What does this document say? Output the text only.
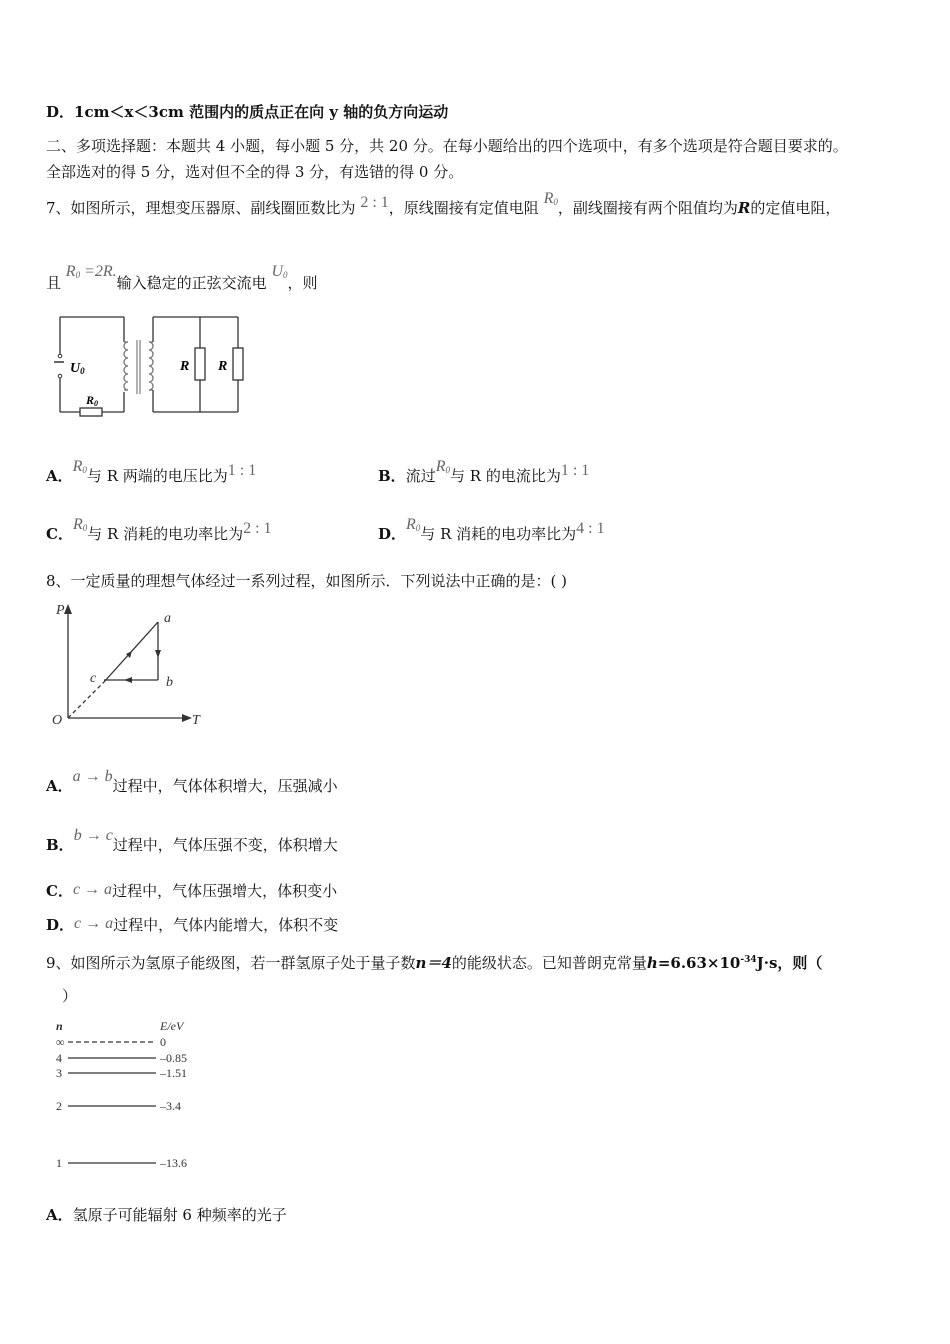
D．1cm＜x＜3cm 范围内的质点正在向 y 轴的负方向运动
二、多项选择题：本题共 4 小题，每小题 5 分，共 20 分。在每小题给出的四个选项中，有多个选项是符合题目要求的。
全部选对的得 5 分，选对但不全的得 3 分，有选错的得 0 分。
7、如图所示，理想变压器原、副线圈匝数比为 2 : 1，原线圈接有定值电阻 $R_0$，副线圈接有两个阻值均为R的定值电阻，
且 $R_0 =2R$.输入稳定的正弦交流电 $U_0$，则
U0
R0
R R
A．$R_0$与 R 两端的电压比为1 : 1	B．流过$R_0$与 R 的电流比为1 : 1
C．$R_0$与 R 消耗的电功率比为2 : 1	D．$R_0$与 R 消耗的电功率比为4 : 1
8、一定质量的理想气体经过一系列过程，如图所示．下列说法中正确的是：( )
P
T
O
a
b
c
A．a → b过程中，气体体积增大，压强减小
B．b → c过程中，气体压强不变，体积增大
C．c → a过程中，气体压强增大，体积变小
D．c → a过程中，气体内能增大，体积不变
9、如图所示为氢原子能级图，若一群氢原子处于量子数n＝4的能级状态。已知普朗克常量$h=6.63\times 10^{-34}J\cdot s$，则（
）
n	E/eV
∞	0
4	–0.85
3	–1.51
2	–3.4
1	–13.6
A．氢原子可能辐射 6 种频率的光子
